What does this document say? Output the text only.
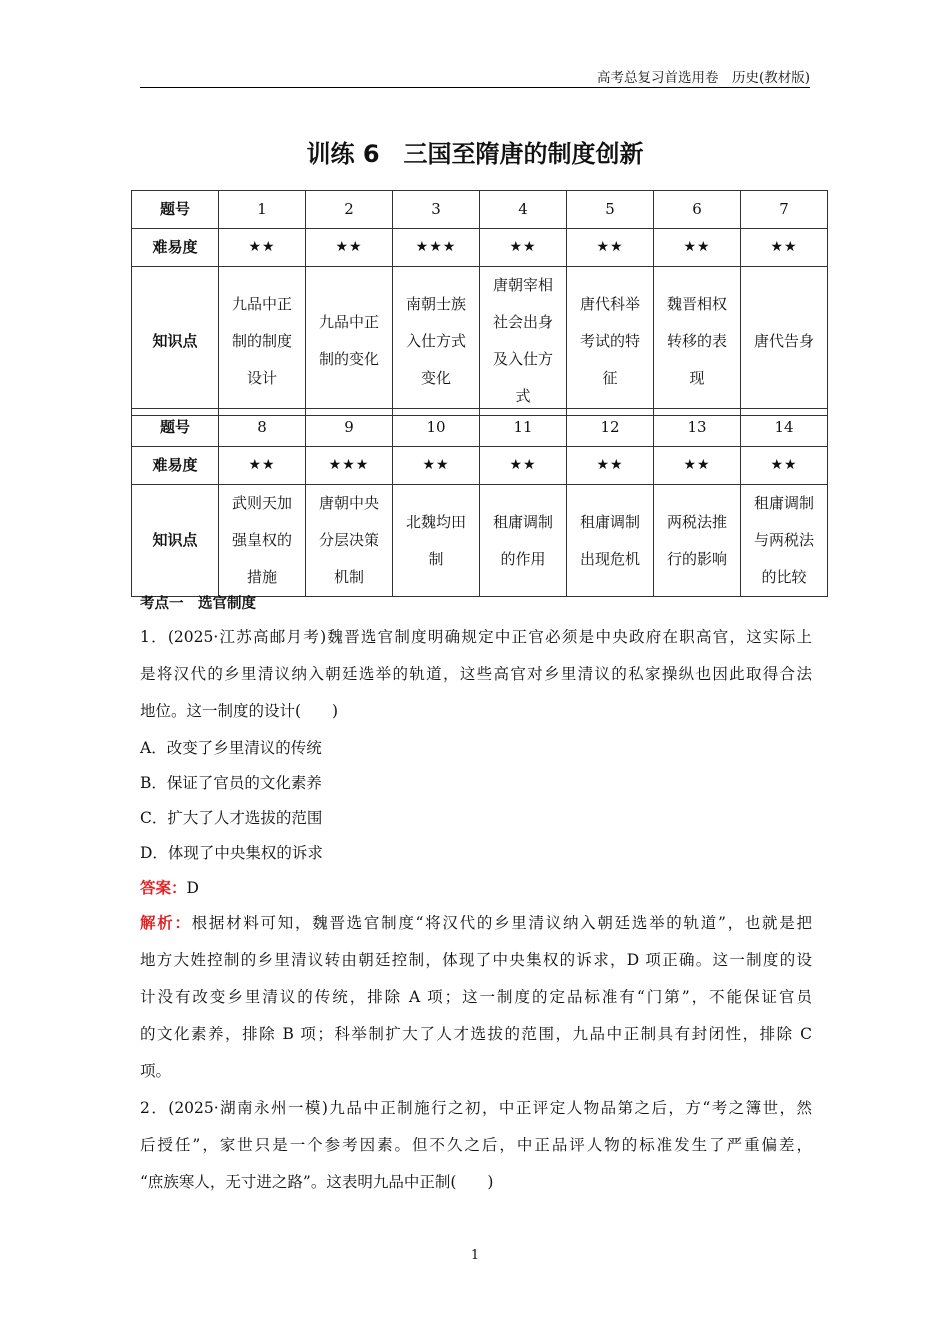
高考总复习首选用卷　历史(教材版)
训练 6　三国至隋唐的制度创新
题号	1	2	3	4	5	6	7
难易度	★★	★★	★★★	★★	★★	★★	★★
知识点	九品中正制的制度设计	九品中正制的变化	南朝士族入仕方式变化	唐朝宰相社会出身及入仕方式	唐代科举考试的特征	魏晋相权转移的表现	唐代告身
题号	8	9	10	11	12	13	14
难易度	★★	★★★	★★	★★	★★	★★	★★
知识点	武则天加强皇权的措施	唐朝中央分层决策机制	北魏均田制	租庸调制的作用	租庸调制出现危机	两税法推行的影响	租庸调制与两税法的比较
考点一　选官制度
1．(2025·江苏高邮月考)魏晋选官制度明确规定中正官必须是中央政府在职高官，这实际上
是将汉代的乡里清议纳入朝廷选举的轨道，这些高官对乡里清议的私家操纵也因此取得合法
地位。这一制度的设计(　　)
A．改变了乡里清议的传统
B．保证了官员的文化素养
C．扩大了人才选拔的范围
D．体现了中央集权的诉求
答案：D
解析：根据材料可知，魏晋选官制度“将汉代的乡里清议纳入朝廷选举的轨道”，也就是把
地方大姓控制的乡里清议转由朝廷控制，体现了中央集权的诉求，D 项正确。这一制度的设
计没有改变乡里清议的传统，排除 A 项；这一制度的定品标准有“门第”，不能保证官员
的文化素养，排除 B 项；科举制扩大了人才选拔的范围，九品中正制具有封闭性，排除 C
项。
2．(2025·湖南永州一模)九品中正制施行之初，中正评定人物品第之后，方“考之簿世，然
后授任”，家世只是一个参考因素。但不久之后，中正品评人物的标准发生了严重偏差，
“庶族寒人，无寸进之路”。这表明九品中正制(　　)
1
